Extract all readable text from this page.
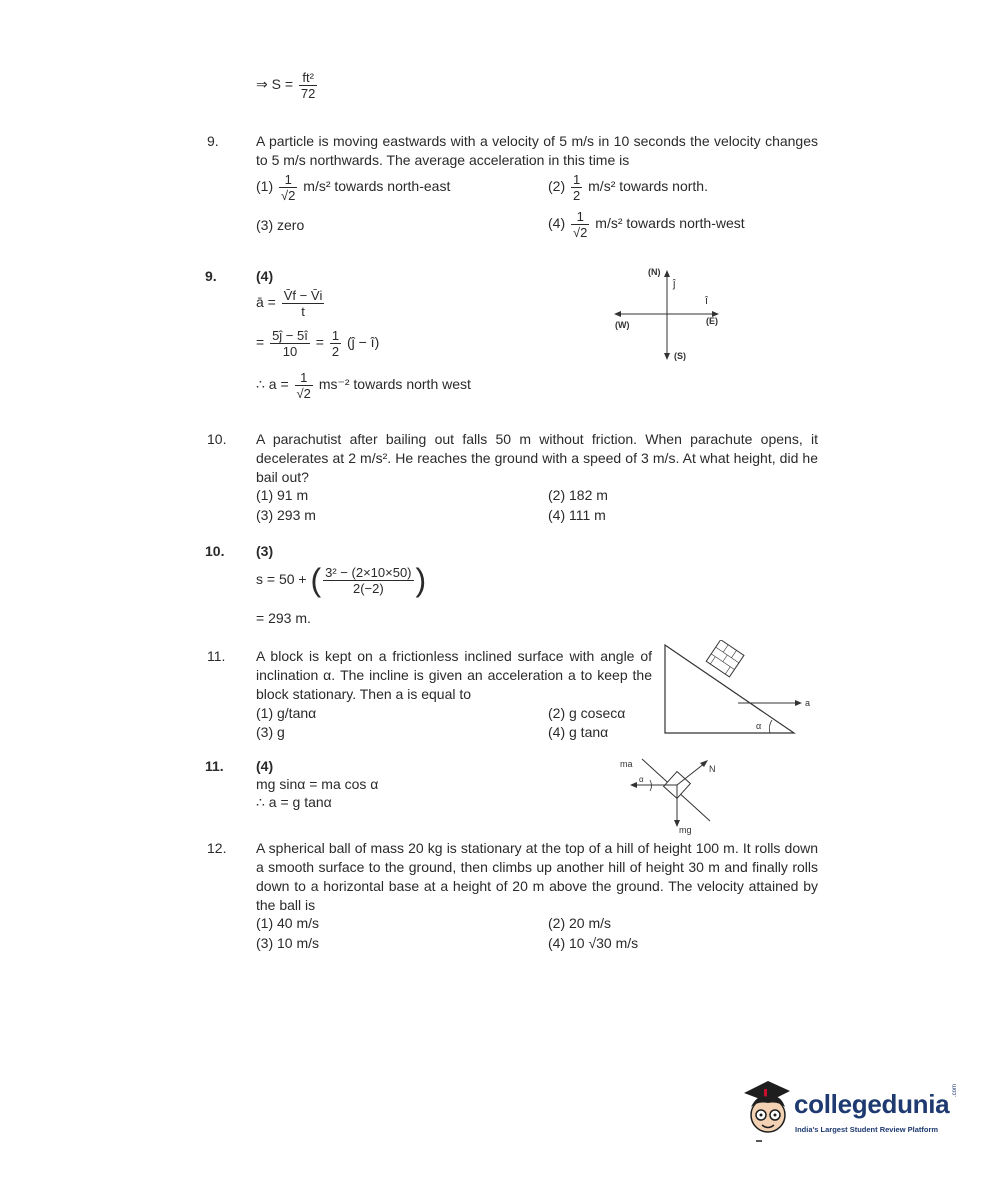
⇒ $S = \frac{\text{ft²}}{72}$
9.	A particle is moving eastwards with a velocity of 5 m/s in 10 seconds the velocity changes to 5 m/s northwards. The average acceleration in this time is
$(1) \frac{1}{√2} m/s^2$ towards north-east	$(2) \frac{1}{2} m/s^2$ towards north.
(3) zero	$(4) \frac{1}{√2} m/s^2$ towards north-west
9.	(4)
ā = $\frac{V̄f - V̄i}{t}$
= $\frac{5ĵ - 5î}{10} = \frac{1}{2}$ (ĵ − î)
∴ $a = \frac{1}{√2} ms^{-2}$ towards north west
(N)
ĵ
î
(E)
(W)
(S)
10. A parachutist after bailing out falls 50 m without friction. When parachute opens, it decelerates at 2 m/s². He reaches the ground with a speed of 3 m/s. At what height, did he bail out?
(1) 91 m	(2) 182 m
(3) 293 m	(4) 111 m
10. (3)
s = 50 + ( $\frac{\text{3² − (2×10×50)}}{2(-2)}$ )
= 293 m.
11. A block is kept on a frictionless inclined surface with angle of inclination α. The incline is given an acceleration a to keep the block stationary. Then a is equal to
(1) g/tanα	(2) g cosecα
(3) g	(4) g tanα
a
α
11. (4)
mg sinα = ma cos α
∴ a = g tanα
ma	N
α
mg
12. A spherical ball of mass 20 kg is stationary at the top of a hill of height 100 m. It rolls down a smooth surface to the ground, then climbs up another hill of height 30 m and finally rolls down to a horizontal base at a height of 20 m above the ground. The velocity attained by the ball is
(1) 40 m/s	(2) 20 m/s
(3) 10 m/s	(4) 10 √30 m/s
collegedunia .com
India's Largest Student Review Platform
